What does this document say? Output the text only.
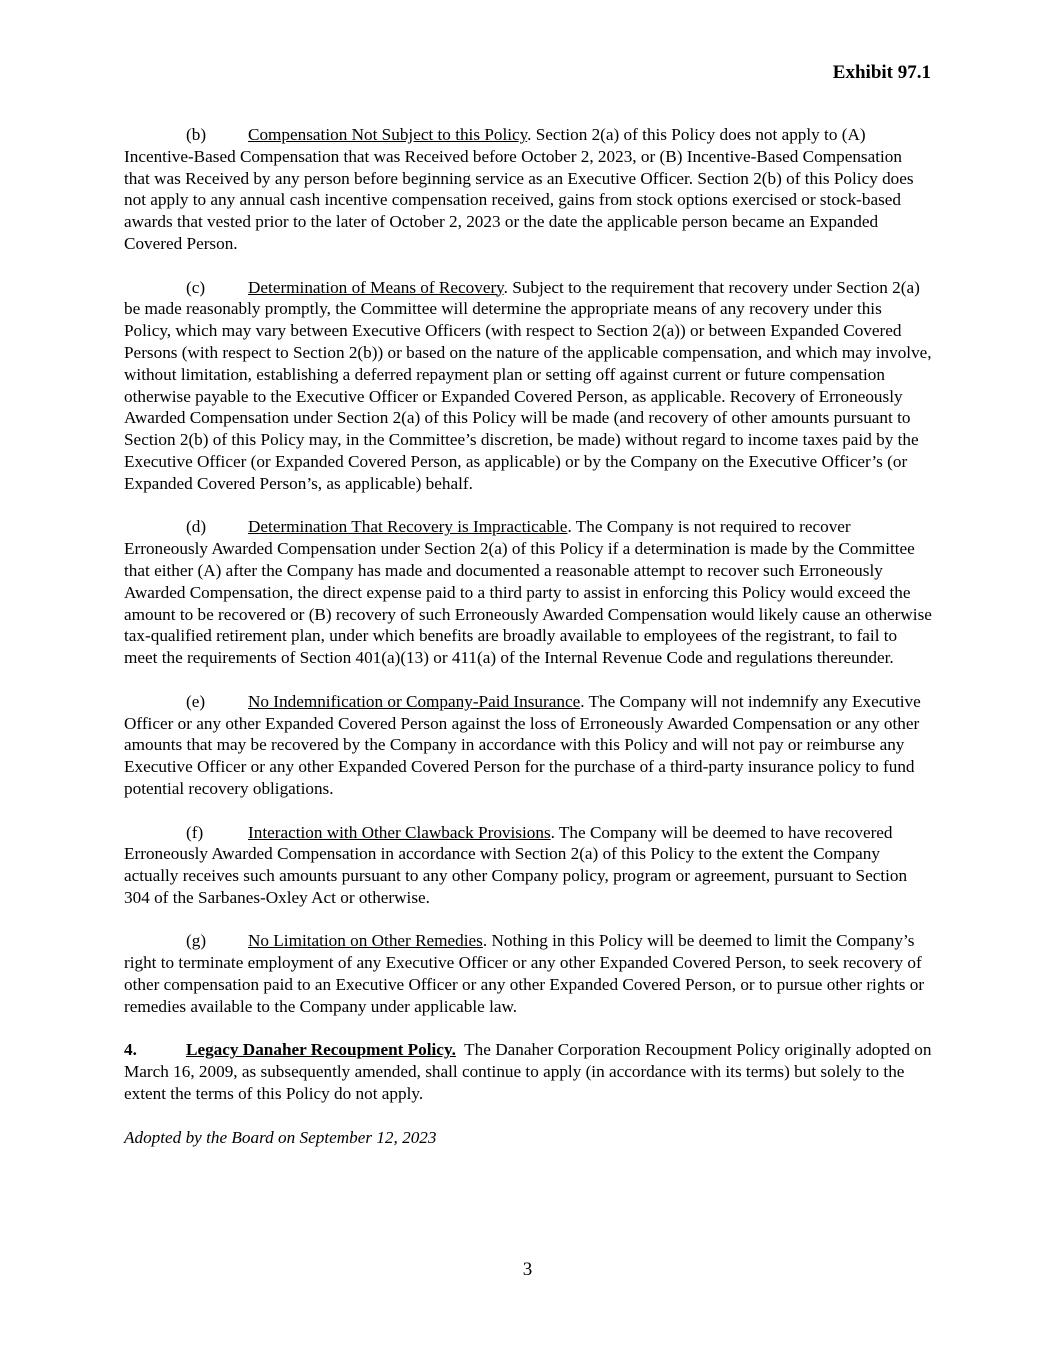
Exhibit 97.1

(b) Compensation Not Subject to this Policy. Section 2(a) of this Policy does not apply to (A) Incentive-Based Compensation that was Received before October 2, 2023, or (B) Incentive-Based Compensation that was Received by any person before beginning service as an Executive Officer. Section 2(b) of this Policy does not apply to any annual cash incentive compensation received, gains from stock options exercised or stock-based awards that vested prior to the later of October 2, 2023 or the date the applicable person became an Expanded Covered Person.

(c) Determination of Means of Recovery. Subject to the requirement that recovery under Section 2(a) be made reasonably promptly, the Committee will determine the appropriate means of any recovery under this Policy, which may vary between Executive Officers (with respect to Section 2(a)) or between Expanded Covered Persons (with respect to Section 2(b)) or based on the nature of the applicable compensation, and which may involve, without limitation, establishing a deferred repayment plan or setting off against current or future compensation otherwise payable to the Executive Officer or Expanded Covered Person, as applicable. Recovery of Erroneously Awarded Compensation under Section 2(a) of this Policy will be made (and recovery of other amounts pursuant to Section 2(b) of this Policy may, in the Committee’s discretion, be made) without regard to income taxes paid by the Executive Officer (or Expanded Covered Person, as applicable) or by the Company on the Executive Officer’s (or Expanded Covered Person’s, as applicable) behalf.

(d) Determination That Recovery is Impracticable. The Company is not required to recover Erroneously Awarded Compensation under Section 2(a) of this Policy if a determination is made by the Committee that either (A) after the Company has made and documented a reasonable attempt to recover such Erroneously Awarded Compensation, the direct expense paid to a third party to assist in enforcing this Policy would exceed the amount to be recovered or (B) recovery of such Erroneously Awarded Compensation would likely cause an otherwise tax-qualified retirement plan, under which benefits are broadly available to employees of the registrant, to fail to meet the requirements of Section 401(a)(13) or 411(a) of the Internal Revenue Code and regulations thereunder.

(e) No Indemnification or Company-Paid Insurance. The Company will not indemnify any Executive Officer or any other Expanded Covered Person against the loss of Erroneously Awarded Compensation or any other amounts that may be recovered by the Company in accordance with this Policy and will not pay or reimburse any Executive Officer or any other Expanded Covered Person for the purchase of a third-party insurance policy to fund potential recovery obligations.

(f)	Interaction with Other Clawback Provisions. The Company will be deemed to have recovered Erroneously Awarded Compensation in accordance with Section 2(a) of this Policy to the extent the Company actually receives such amounts pursuant to any other Company policy, program or agreement, pursuant to Section 304 of the Sarbanes-Oxley Act or otherwise.

(g) No Limitation on Other Remedies. Nothing in this Policy will be deemed to limit the Company’s right to terminate employment of any Executive Officer or any other Expanded Covered Person, to seek recovery of other compensation paid to an Executive Officer or any other Expanded Covered Person, or to pursue other rights or remedies available to the Company under applicable law.

4.	Legacy Danaher Recoupment Policy.  The Danaher Corporation Recoupment Policy originally adopted on March 16, 2009, as subsequently amended, shall continue to apply (in accordance with its terms) but solely to the extent the terms of this Policy do not apply.

Adopted by the Board on September 12, 2023

3
